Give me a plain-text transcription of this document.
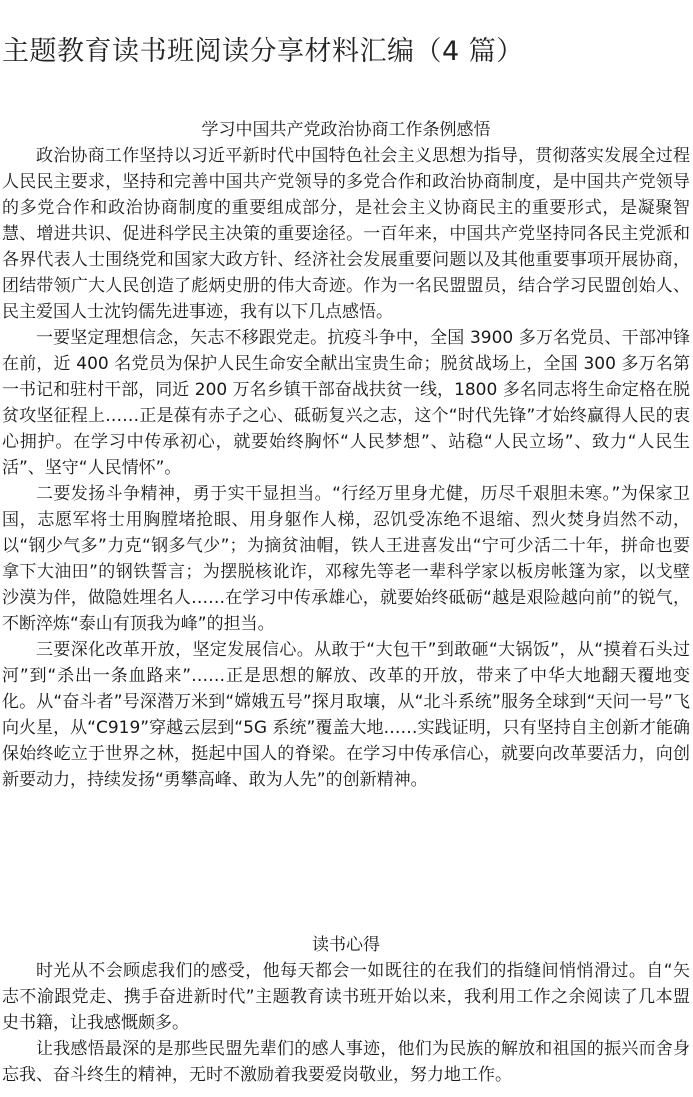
主题教育读书班阅读分享材料汇编（4 篇）
学习中国共产党政治协商工作条例感悟

政治协商工作坚持以习近平新时代中国特色社会主义思想为指导，贯彻落实发展全过程人民民主要求，坚持和完善中国共产党领导的多党合作和政治协商制度，是中国共产党领导的多党合作和政治协商制度的重要组成部分，是社会主义协商民主的重要形式，是凝聚智慧、增进共识、促进科学民主决策的重要途径。一百年来，中国共产党坚持同各民主党派和各界代表人士围绕党和国家大政方针、经济社会发展重要问题以及其他重要事项开展协商，团结带领广大人民创造了彪炳史册的伟大奇迹。作为一名民盟盟员，结合学习民盟创始人、民主爱国人士沈钧儒先进事迹，我有以下几点感悟。

一要坚定理想信念，矢志不移跟党走。抗疫斗争中，全国 3900 多万名党员、干部冲锋在前，近 400 名党员为保护人民生命安全献出宝贵生命；脱贫战场上，全国 300 多万名第一书记和驻村干部，同近 200 万名乡镇干部奋战扶贫一线，1800 多名同志将生命定格在脱贫攻坚征程上……正是葆有赤子之心、砥砺复兴之志，这个“时代先锋”才始终赢得人民的衷心拥护。在学习中传承初心，就要始终胸怀“人民梦想”、站稳“人民立场”、致力“人民生活”、坚守“人民情怀”。

二要发扬斗争精神，勇于实干显担当。“行经万里身尤健，历尽千艰胆未寒。”为保家卫国，志愿军将士用胸膛堵抢眼、用身躯作人梯，忍饥受冻绝不退缩、烈火焚身岿然不动，以“钢少气多”力克“钢多气少”；为摘贫油帽，铁人王进喜发出“宁可少活二十年，拼命也要拿下大油田”的钢铁誓言；为摆脱核讹诈，邓稼先等老一辈科学家以板房帐篷为家，以戈壁沙漠为伴，做隐姓埋名人……在学习中传承雄心，就要始终砥砺“越是艰险越向前”的锐气，不断淬炼“泰山有顶我为峰”的担当。

三要深化改革开放，坚定发展信心。从敢于“大包干”到敢砸“大锅饭”，从“摸着石头过河”到“杀出一条血路来”……正是思想的解放、改革的开放，带来了中华大地翻天覆地变化。从“奋斗者”号深潜万米到“嫦娥五号”探月取壤，从“北斗系统”服务全球到“天问一号”飞向火星，从“C919”穿越云层到“5G 系统”覆盖大地……实践证明，只有坚持自主创新才能确保始终屹立于世界之林，挺起中国人的脊梁。在学习中传承信心，就要向改革要活力，向创新要动力，持续发扬“勇攀高峰、敢为人先”的创新精神。

读书心得

时光从不会顾虑我们的感受，他每天都会一如既往的在我们的指缝间悄悄滑过。自“矢志不渝跟党走、携手奋进新时代”主题教育读书班开始以来，我利用工作之余阅读了几本盟史书籍，让我感慨颇多。

让我感悟最深的是那些民盟先辈们的感人事迹，他们为民族的解放和祖国的振兴而舍身忘我、奋斗终生的精神，无时不激励着我要爱岗敬业，努力地工作。
